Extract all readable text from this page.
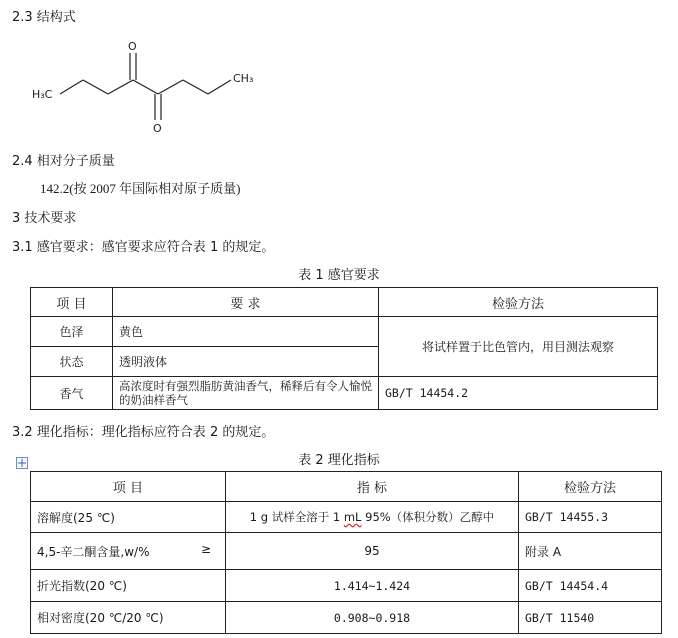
2.3 结构式
H₃C
CH₃
O
O
2.4 相对分子质量
142.2(按 2007 年国际相对原子质量)
3 技术要求
3.1 感官要求：感官要求应符合表 1 的规定。
表 1 感官要求
项 目	要 求	检验方法
色泽	黄色	将试样置于比色管内，用目测法观察
状态	透明液体	
香气	高浓度时有强烈脂肪黄油香气，稀释后有令人愉悦的奶油样香气	GB/T 14454.2
3.2 理化指标：理化指标应符合表 2 的规定。
表 2 理化指标
项 目	指 标	检验方法
溶解度(25 ℃)	1 g 试样全溶于 1 mL 95%（体积分数）乙醇中	GB/T 14455.3
4,5-辛二酮含量,w/% ≥	95	附录 A
折光指数(20 ℃)	1.414~1.424	GB/T 14454.4
相对密度(20 ℃/20 ℃)	0.908~0.918	GB/T 11540
